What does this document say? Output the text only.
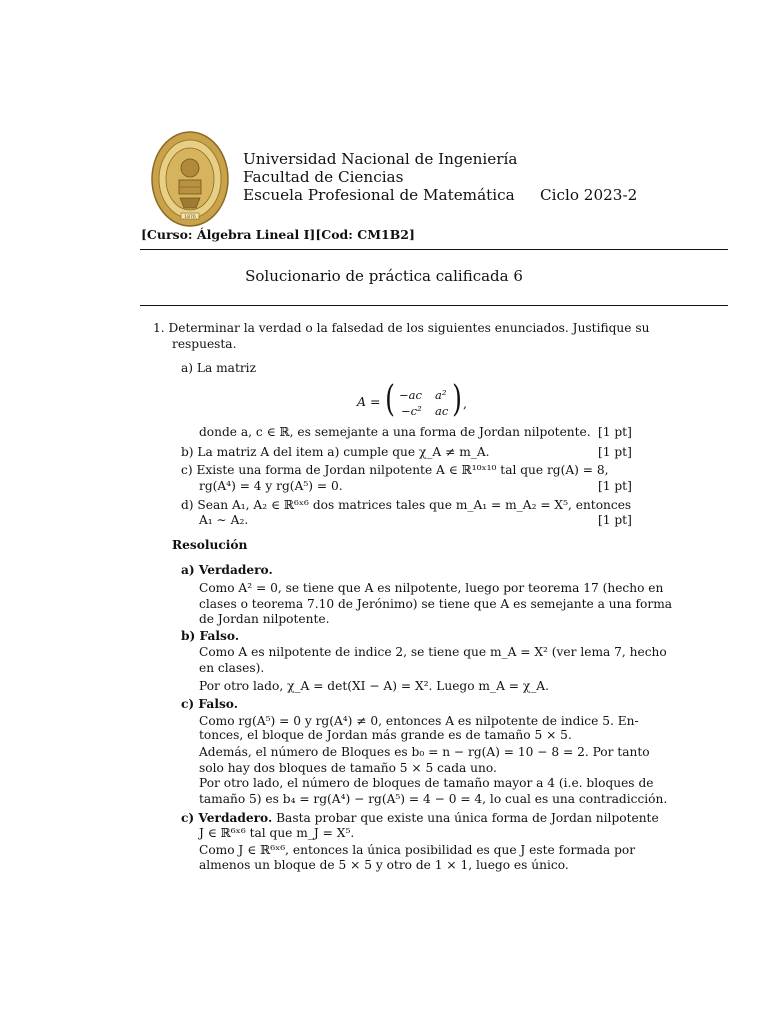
1876
Universidad Nacional de Ingeniería
Facultad de Ciencias
Escuela Profesional de Matemática Ciclo 2023-2
[Curso: Álgebra Lineal I][Cod: CM1B2]
Solucionario de práctica calificada 6
1. Determinar la verdad o la falsedad de los siguientes enunciados. Justifique su
respuesta.
a) La matriz
A = ( −ac a²
−c² ac ) ,
donde a, c ∈ ℝ, es semejante a una forma de Jordan nilpotente. [1 pt]
b) La matriz A del item a) cumple que χ_A ≠ m_A.	[1 pt]
c) Existe una forma de Jordan nilpotente A ∈ ℝ¹⁰ˣ¹⁰ tal que rg(A) = 8,
rg(A⁴) = 4 y rg(A⁵) = 0.	[1 pt]
d) Sean A₁, A₂ ∈ ℝ⁶ˣ⁶ dos matrices tales que m_A₁ = m_A₂ = X⁵, entonces
A₁ ∼ A₂.	[1 pt]
Resolución
a) Verdadero.
Como A² = 0, se tiene que A es nilpotente, luego por teorema 17 (hecho en
clases o teorema 7.10 de Jerónimo) se tiene que A es semejante a una forma
de Jordan nilpotente.
b) Falso.
Como A es nilpotente de indice 2, se tiene que m_A = X² (ver lema 7, hecho
en clases).
Por otro lado, χ_A = det(XI − A) = X². Luego m_A = χ_A.
c) Falso.
Como rg(A⁵) = 0 y rg(A⁴) ≠ 0, entonces A es nilpotente de indice 5. En-
tonces, el bloque de Jordan más grande es de tamaño 5 × 5.
Además, el número de Bloques es b₀ = n − rg(A) = 10 − 8 = 2. Por tanto
solo hay dos bloques de tamaño 5 × 5 cada uno.
Por otro lado, el número de bloques de tamaño mayor a 4 (i.e. bloques de
tamaño 5) es b₄ = rg(A⁴) − rg(A⁵) = 4 − 0 = 4, lo cual es una contradicción.
c) Verdadero. Basta probar que existe una única forma de Jordan nilpotente
J ∈ ℝ⁶ˣ⁶ tal que m_J = X⁵.
Como J ∈ ℝ⁶ˣ⁶, entonces la única posibilidad es que J este formada por
almenos un bloque de 5 × 5 y otro de 1 × 1, luego es único.
